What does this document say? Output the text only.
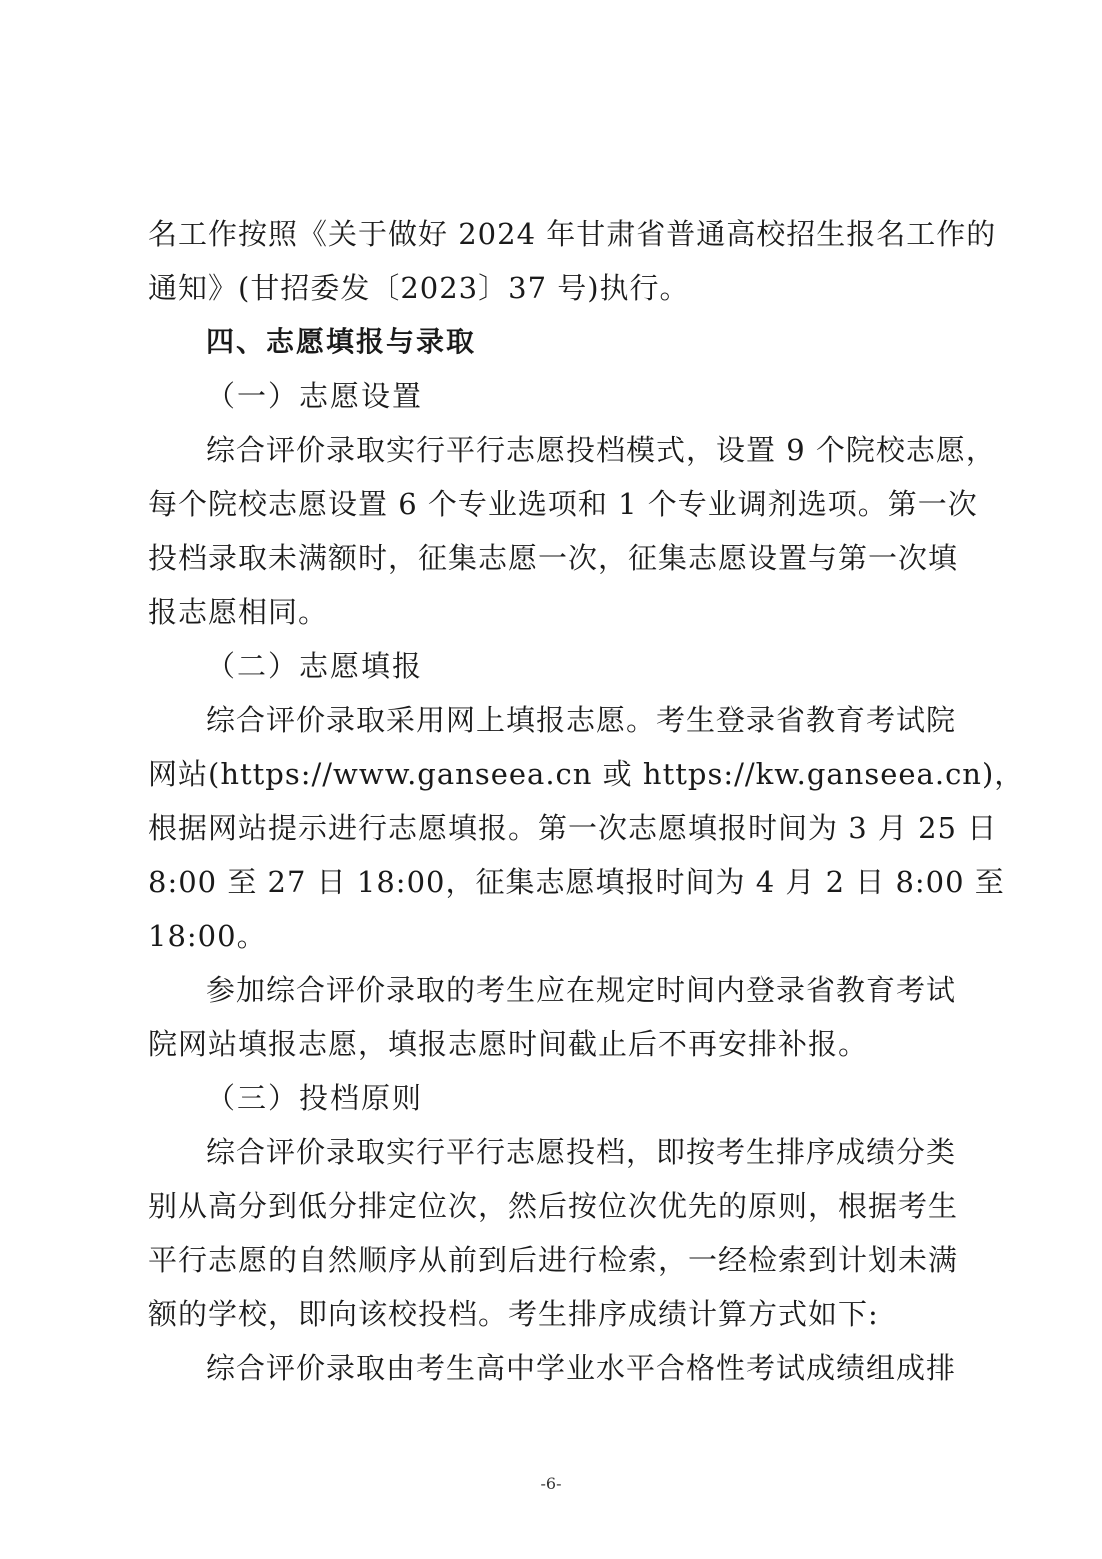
名工作按照《关于做好 2024 年甘肃省普通高校招生报名工作的
通知》(甘招委发〔2023〕37 号)执行。
四、志愿填报与录取
（一）志愿设置
综合评价录取实行平行志愿投档模式，设置 9 个院校志愿，
每个院校志愿设置 6 个专业选项和 1 个专业调剂选项。第一次
投档录取未满额时，征集志愿一次，征集志愿设置与第一次填
报志愿相同。
（二）志愿填报
综合评价录取采用网上填报志愿。考生登录省教育考试院
网站(https://www.ganseea.cn 或 https://kw.ganseea.cn)，
根据网站提示进行志愿填报。第一次志愿填报时间为 3 月 25 日
8:00 至 27 日 18:00，征集志愿填报时间为 4 月 2 日 8:00 至
18:00。
参加综合评价录取的考生应在规定时间内登录省教育考试
院网站填报志愿，填报志愿时间截止后不再安排补报。
（三）投档原则
综合评价录取实行平行志愿投档，即按考生排序成绩分类
别从高分到低分排定位次，然后按位次优先的原则，根据考生
平行志愿的自然顺序从前到后进行检索，一经检索到计划未满
额的学校，即向该校投档。考生排序成绩计算方式如下:
综合评价录取由考生高中学业水平合格性考试成绩组成排
-6-
